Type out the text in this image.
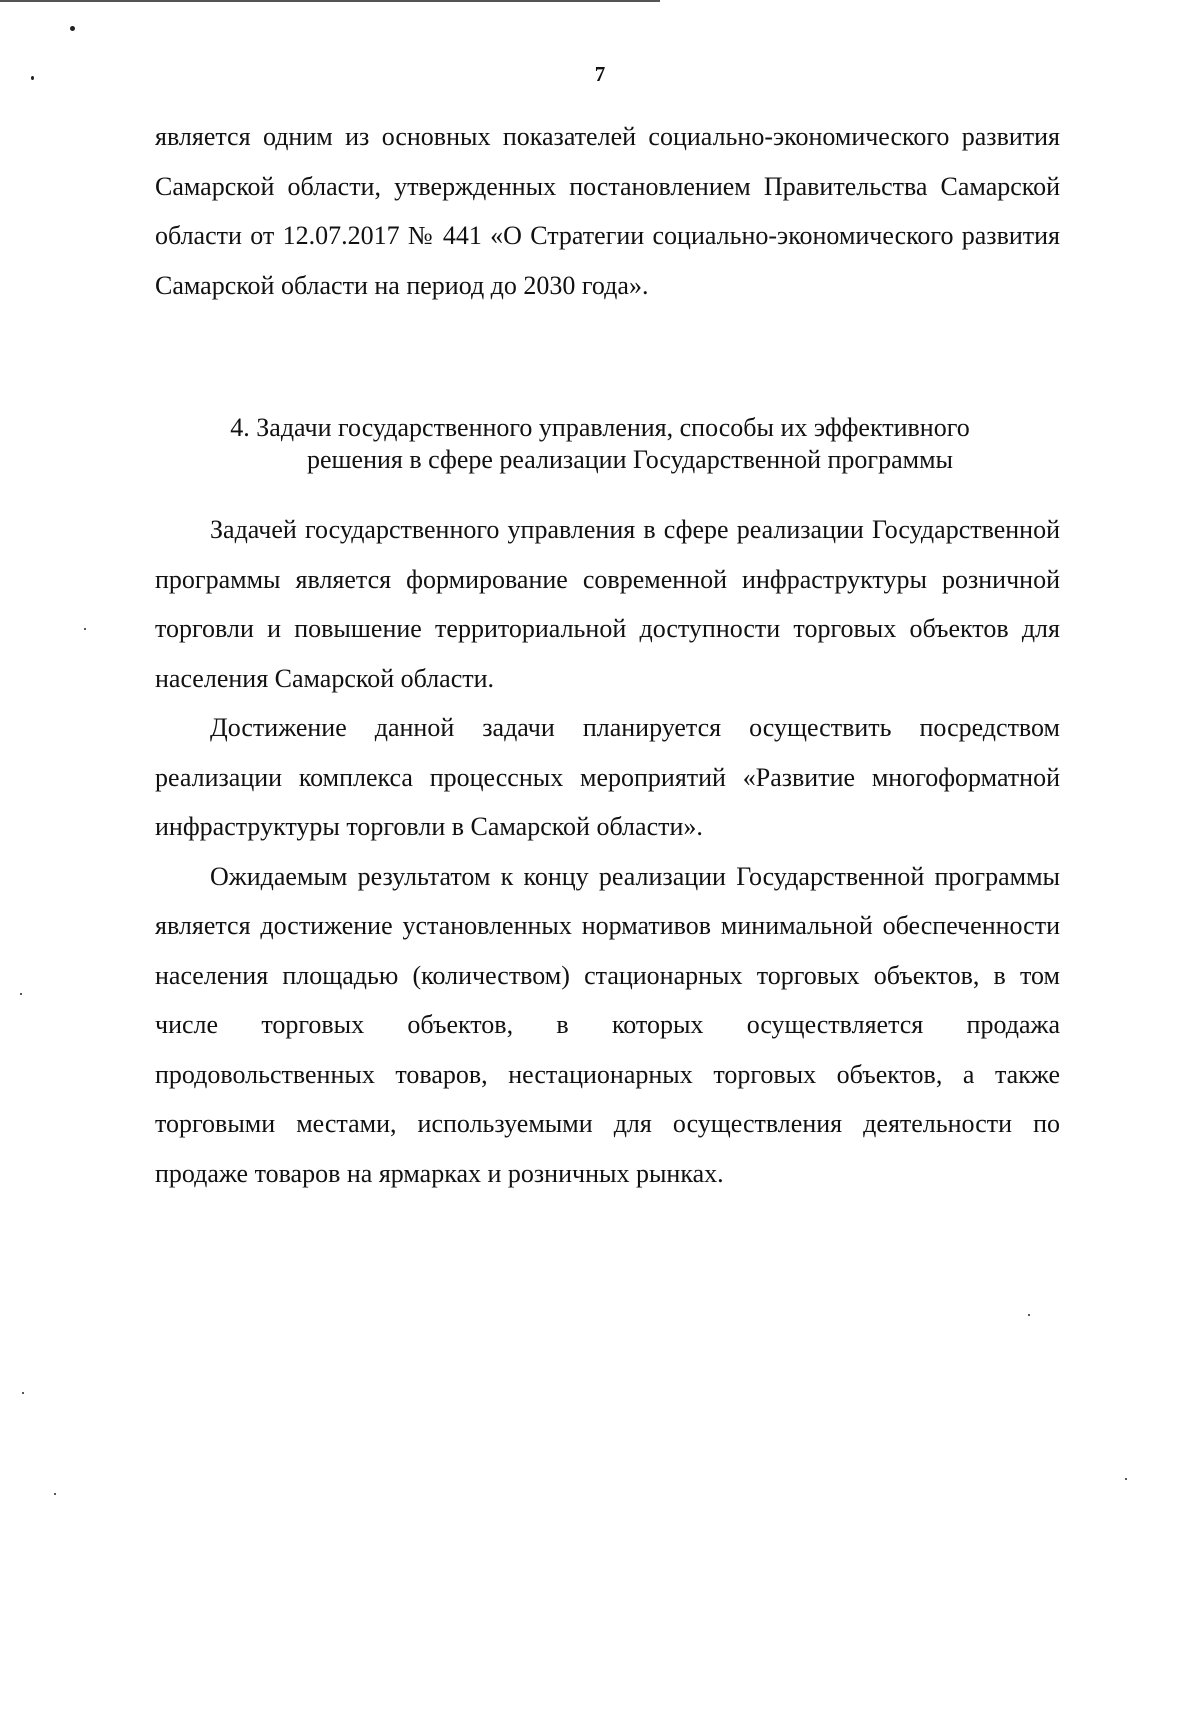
7

является одним из основных показателей социально-экономического развития Самарской области, утвержденных постановлением Правительства Самарской области от 12.07.2017 № 441 «О Стратегии социально-экономического развития Самарской области на период до 2030 года».

4. Задачи государственного управления, способы их эффективного
решения в сфере реализации Государственной программы

Задачей государственного управления в сфере реализации Государственной программы является формирование современной инфраструктуры розничной торговли и повышение территориальной доступности торговых объектов для населения Самарской области.

Достижение данной задачи планируется осуществить посредством реализации комплекса процессных мероприятий «Развитие многоформатной инфраструктуры торговли в Самарской области».

Ожидаемым результатом к концу реализации Государственной программы является достижение установленных нормативов минимальной обеспеченности населения площадью (количеством) стационарных торговых объектов, в том числе торговых объектов, в которых осуществляется продажа продовольственных товаров, нестационарных торговых объектов, а также торговыми местами, используемыми для осуществления деятельности по продаже товаров на ярмарках и розничных рынках.
